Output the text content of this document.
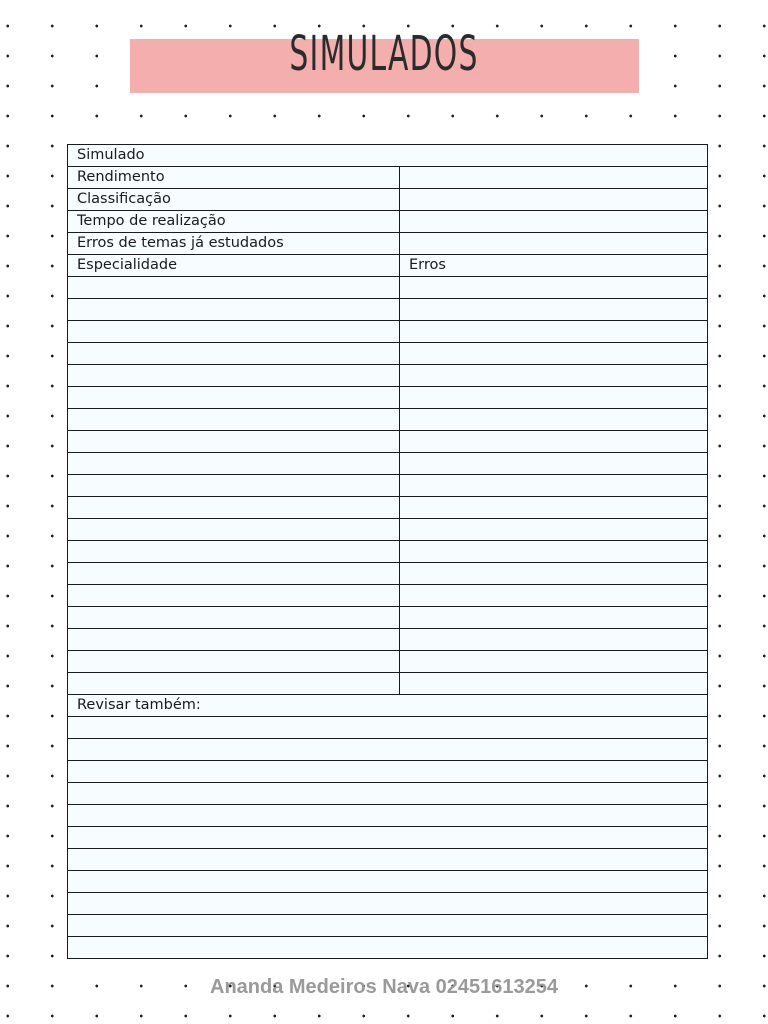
SIMULADOS
Simulado
Rendimento
Classificação
Tempo de realização
Erros de temas já estudados
Especialidade	Erros
Revisar também:
Ananda Medeiros Nava 02451613254
